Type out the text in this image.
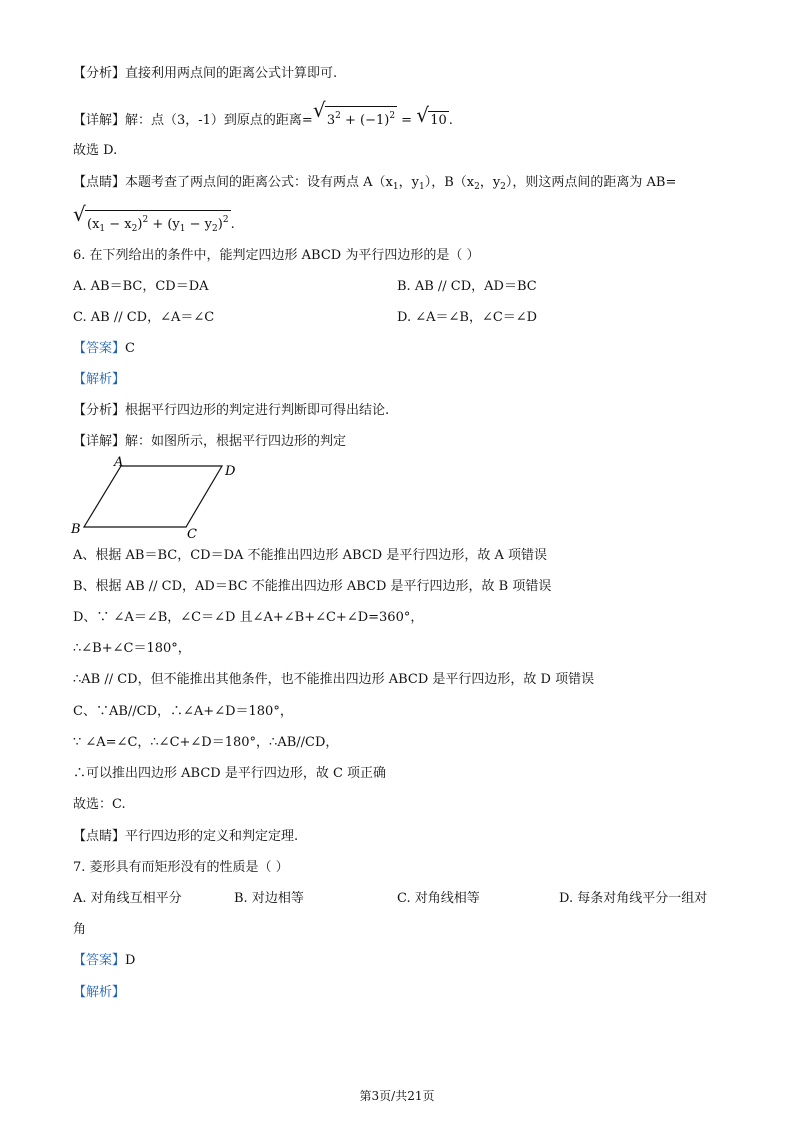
【分析】直接利用两点间的距离公式计算即可.
【详解】解：点（3，-1）到原点的距离= √ $3^2 + (-1)^2$ = √ 10 .
故选 D.
【点睛】本题考查了两点间的距离公式：设有两点 $A(x_1$，$y_1$），$B(x_2$，$y_2$），则这两点间的距离为 AB=
√ $(x_1 - x_2)^2 + (y_1 - y_2)^2$ .
6. 在下列给出的条件中，能判定四边形 ABCD 为平行四边形的是（ ）
A. AB＝BC，CD＝DA	B. AB // CD，AD＝BC
C. AB // CD，∠A＝∠C	D. ∠A＝∠B，∠C＝∠D
【答案】C
【解析】
【分析】根据平行四边形的判定进行判断即可得出结论.
【详解】解：如图所示，根据平行四边形的判定
A
D
B	C
A、根据 AB＝BC，CD＝DA 不能推出四边形 ABCD 是平行四边形，故 A 项错误
B、根据 AB // CD，AD＝BC 不能推出四边形 ABCD 是平行四边形，故 B 项错误
D、∵ ∠A＝∠B，∠C＝∠D 且∠A+∠B+∠C+∠D=360°，
∴∠B+∠C＝180°，
∴AB // CD，但不能推出其他条件，也不能推出四边形 ABCD 是平行四边形，故 D 项错误
C、∵AB//CD，∴∠A+∠D＝180°，
∵ ∠A=∠C，∴∠C+∠D＝180°，∴AB//CD，
∴可以推出四边形 ABCD 是平行四边形，故 C 项正确
故选：C.
【点睛】平行四边形的定义和判定定理.
7. 菱形具有而矩形没有的性质是（ ）
A. 对角线互相平分	B. 对边相等	C. 对角线相等	D. 每条对角线平分一组对
角
【答案】D
【解析】
第3页/共21页
